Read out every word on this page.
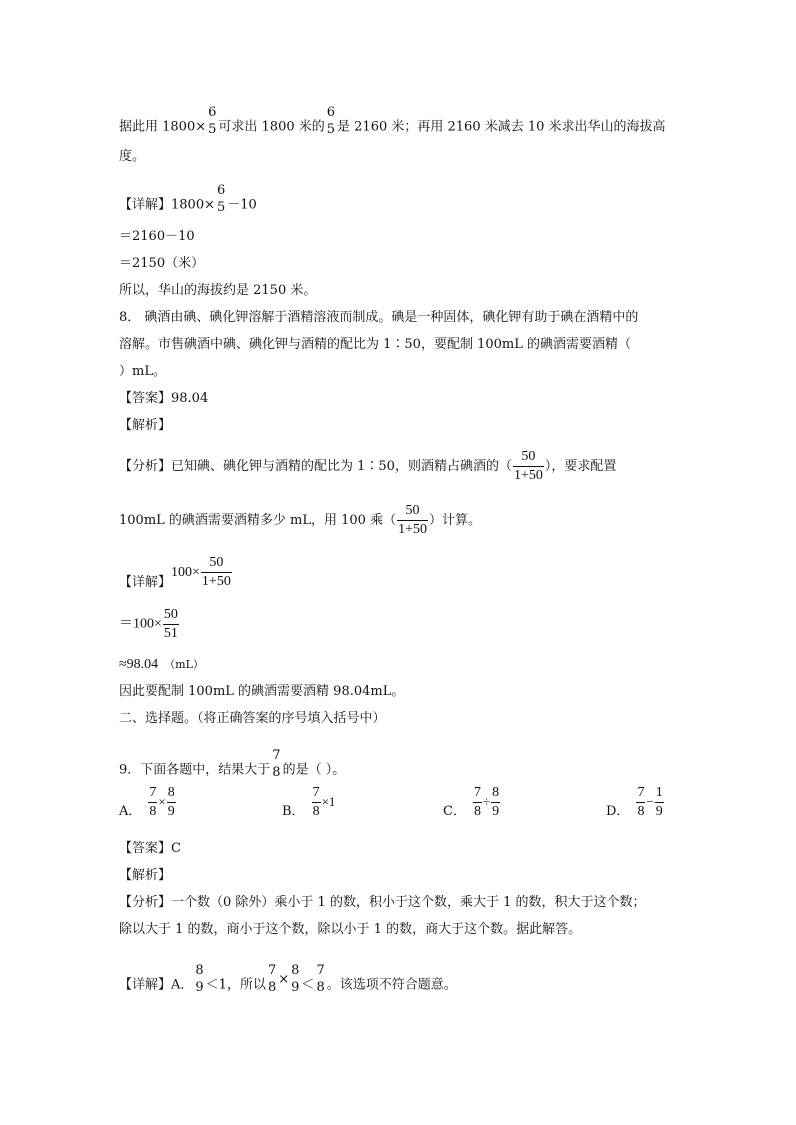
据此用 1800×
6
5 可求出 1800 米的
6
5 是 2160 米；再用 2160 米减去 10 米求出华山的海拔高
度。
【详解】1800×
6
5 －10
＝2160－10
＝2150（米）
所以，华山的海拔约是 2150 米。
8． 碘酒由碘、碘化钾溶解于酒精溶液而制成。碘是一种固体，碘化钾有助于碘在酒精中的
溶解。市售碘酒中碘、碘化钾与酒精的配比为 1∶50，要配制 100mL 的碘酒需要酒精（
）mL。
【答案】98.04
【解析】
【分析】已知碘、碘化钾与酒精的配比为 1∶50，则酒精占碘酒的（ $\frac{50}{1+50}$ ），要求配置
100mL 的碘酒需要酒精多少 mL，用 100 乘（ $\frac{50}{1+50}$ ）计算。
【详解】$100\times \frac{50}{1+50}$
$=100\times \frac{50}{51}$
≈98.04 （mL）
因此要配制 100mL 的碘酒需要酒精 98.04mL。
二、选择题。（将正确答案的序号填入括号中）
9．下面各题中，结果大于
7
8 的是（ ）。
A． $\frac{7}{8} \times \frac{8}{9}$	B． $\frac{7}{8} \times 1$
C． $\frac{7}{8} \div \frac{8}{9}$	D． $\frac{7}{8} - \frac{1}{9}$
【答案】C
【解析】
【分析】一个数（0 除外）乘小于 1 的数，积小于这个数，乘大于 1 的数，积大于这个数；
除以大于 1 的数，商小于这个数，除以小于 1 的数，商大于这个数。据此解答。
【详解】A．
8
9 ＜1，所以
7
8
×
8
9 ＜
7
8 。该选项不符合题意。
